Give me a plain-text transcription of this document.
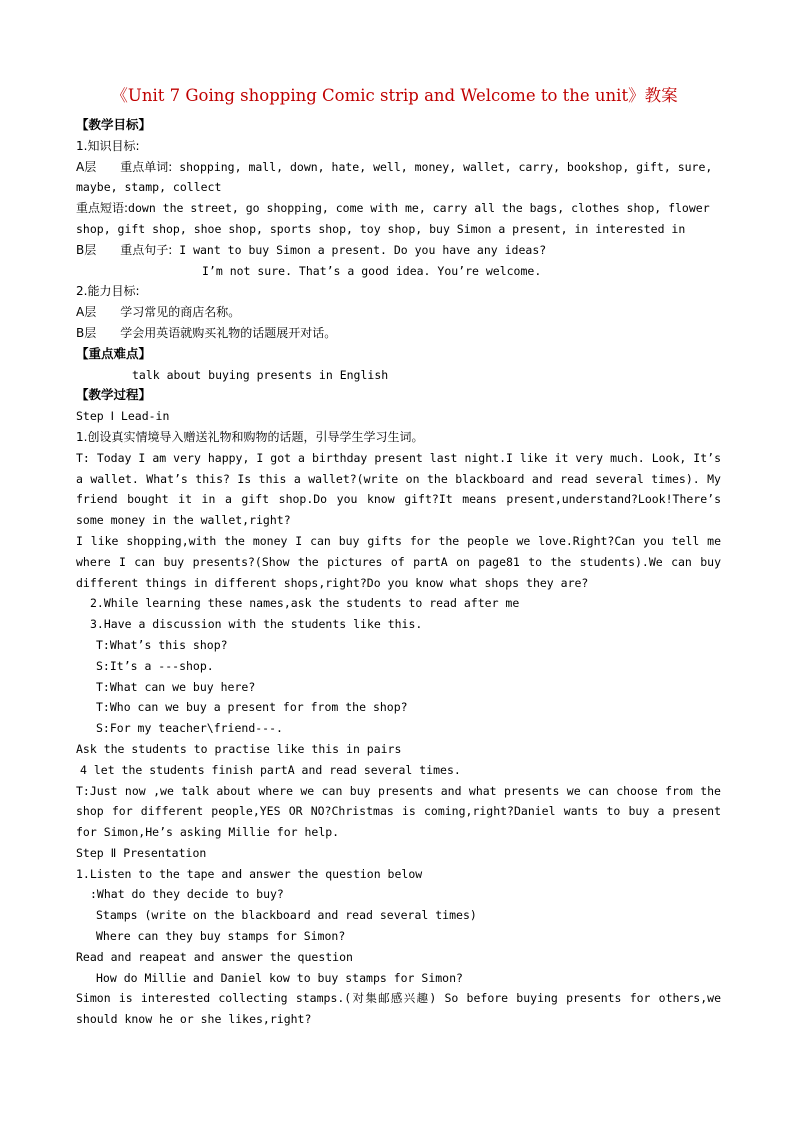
《Unit 7 Going shopping Comic strip and Welcome to the unit》教案
【教学目标】
1.知识目标:
A层 重点单词: shopping, mall, down, hate, well, money, wallet, carry, bookshop, gift, sure,
maybe, stamp, collect
重点短语:down the street, go shopping, come with me, carry all the bags, clothes shop, flower
shop, gift shop, shoe shop, sports shop, toy shop, buy Simon a present, in interested in
B层 重点句子: I want to buy Simon a present. Do you have any ideas?
I’m not sure. That’s a good idea. You’re welcome.
2.能力目标:
A层 学习常见的商店名称。
B层 学会用英语就购买礼物的话题展开对话。
【重点难点】
talk about buying presents in English
【教学过程】
Step Ⅰ Lead-in
1.创设真实情境导入赠送礼物和购物的话题，引导学生学习生词。
T: Today I am very happy, I got a birthday present last night.I like it very much. Look, It’s a wallet. What’s this? Is this a wallet?(write on the blackboard and read several times). My friend bought it in a gift shop.Do you know gift?It means present,understand?Look!There’s some money in the wallet,right?
I like shopping,with the money I can buy gifts for the people we love.Right?Can you tell me where I can buy presents?(Show the pictures of partA on page81 to the students).We can buy different things in different shops,right?Do you know what shops they are?
2.While learning these names,ask the students to read after me
3.Have a discussion with the students like this.
T:What’s this shop?
S:It’s a ---shop.
T:What can we buy here?
T:Who can we buy a present for from the shop?
S:For my teacher\friend---.
Ask the students to practise like this in pairs
4 let the students finish partA and read several times.
T:Just now ,we talk about where we can buy presents and what presents we can choose from the shop for different people,YES OR NO?Christmas is coming,right?Daniel wants to buy a present for Simon,He’s asking Millie for help.
Step Ⅱ Presentation
1.Listen to the tape and answer the question below
:What do they decide to buy?
Stamps (write on the blackboard and read several times)
Where can they buy stamps for Simon?
Read and reapeat and answer the question
How do Millie and Daniel kow to buy stamps for Simon?
Simon is interested collecting stamps.(对集邮感兴趣) So before buying presents for others,we should know he or she likes,right?
